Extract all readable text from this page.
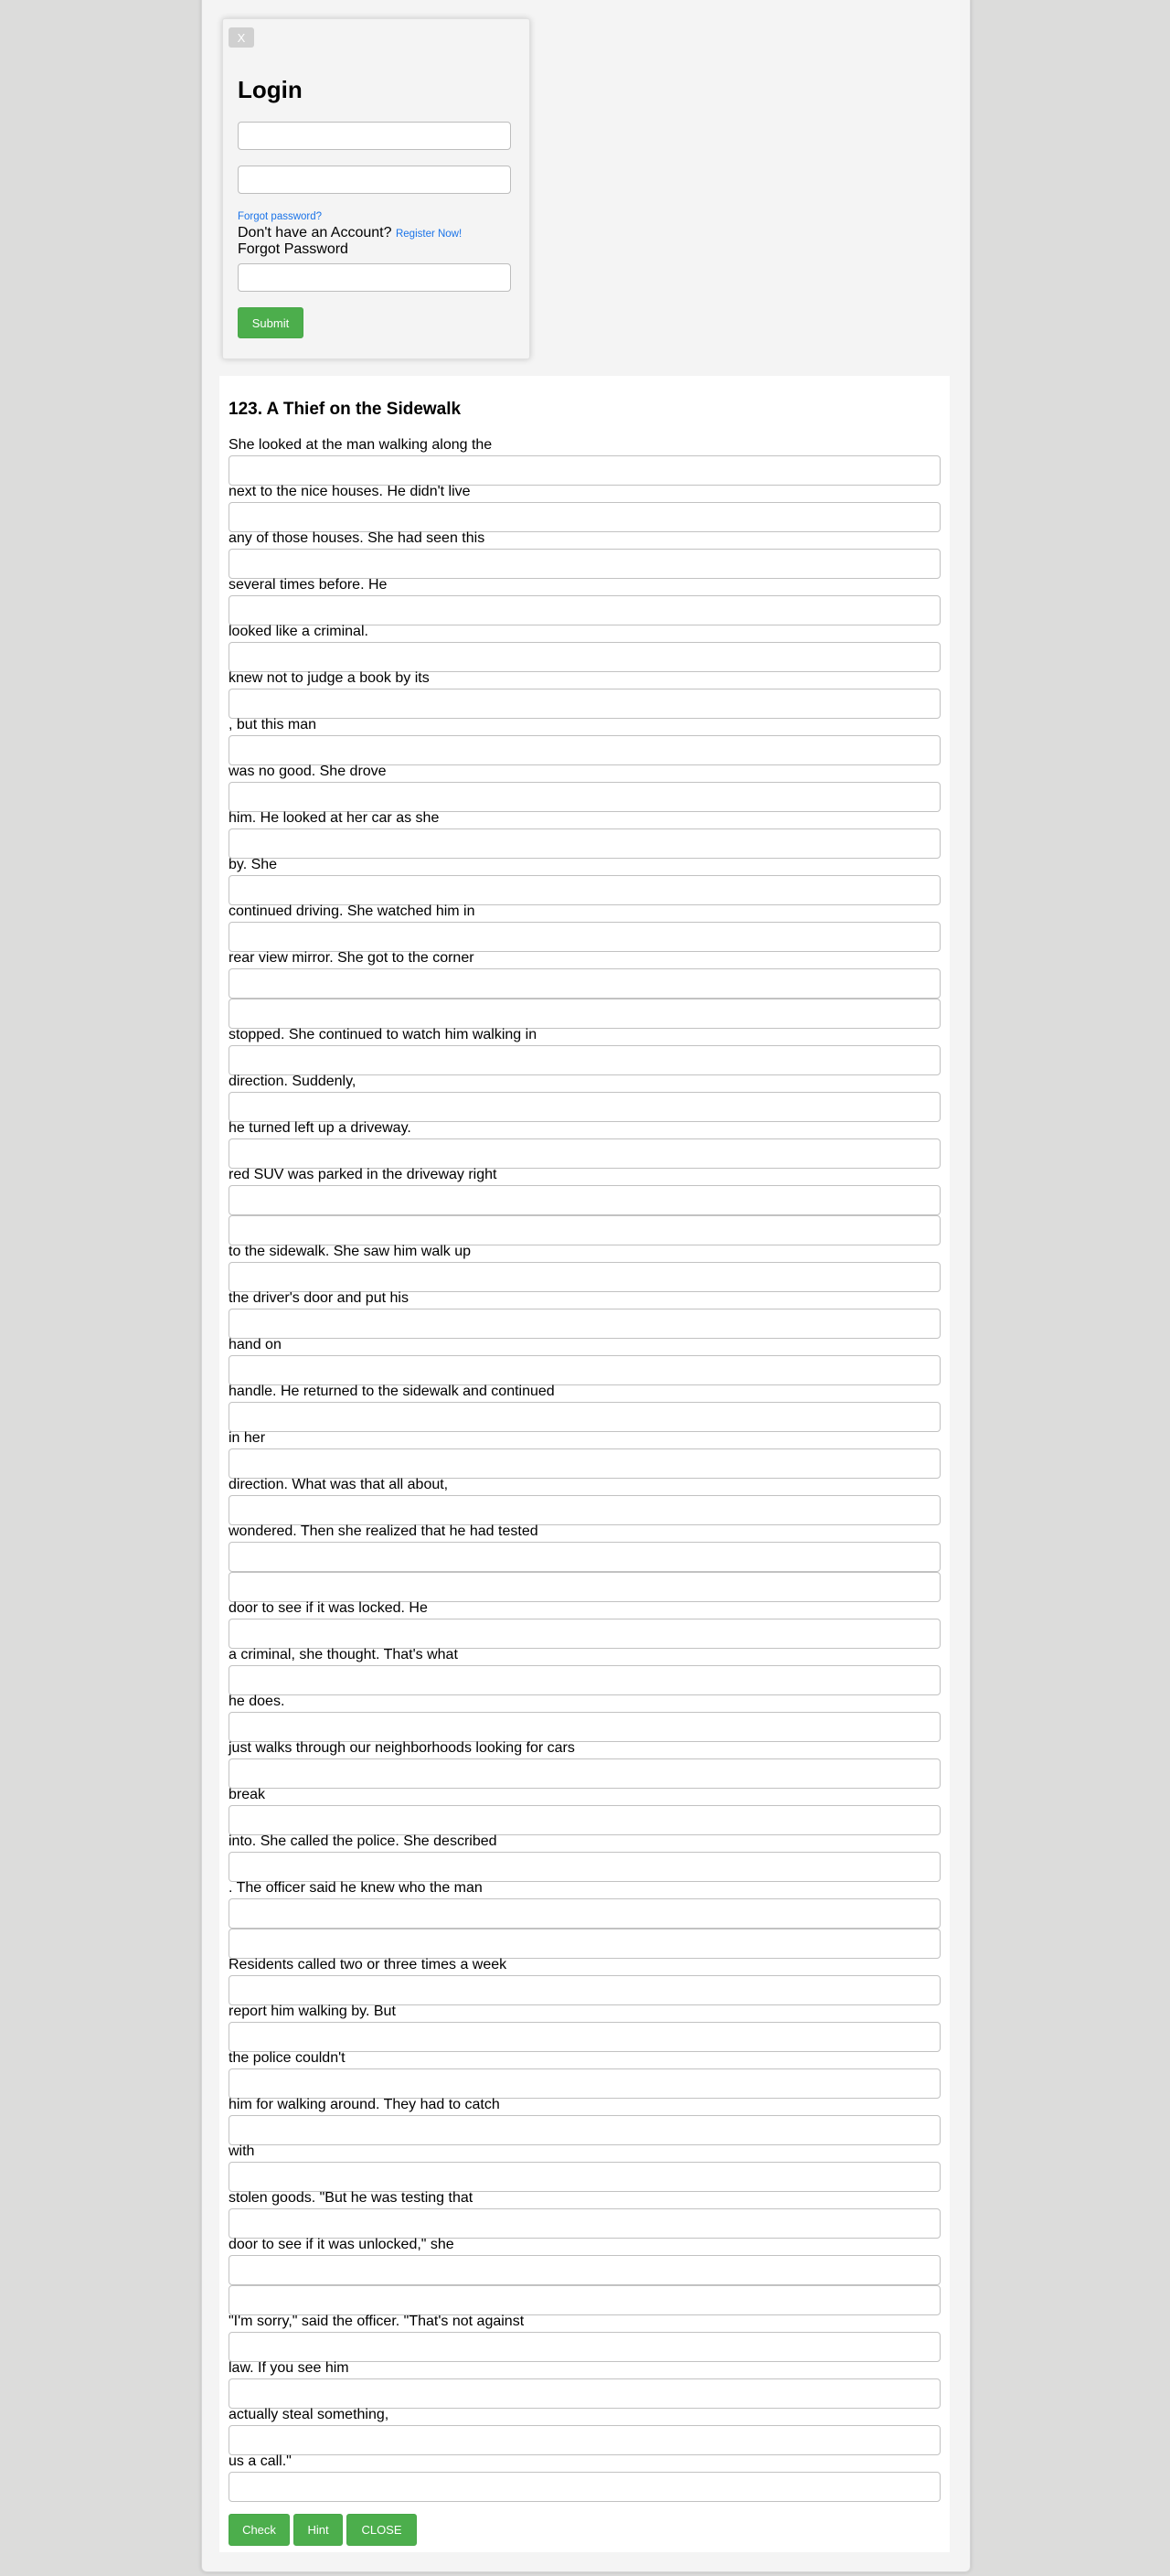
X
Login
Forgot password?
Don't have an Account? Register Now!
Forgot Password
Submit
123. A Thief on the Sidewalk
She looked at the man walking along the
next to the nice houses. He didn't live
any of those houses. She had seen this
several times before. He
looked like a criminal.
knew not to judge a book by its
, but this man
was no good. She drove
him. He looked at her car as she
by. She
continued driving. She watched him in
rear view mirror. She got to the corner
stopped. She continued to watch him walking in
direction. Suddenly,
he turned left up a driveway.
red SUV was parked in the driveway right
to the sidewalk. She saw him walk up
the driver's door and put his
hand on
handle. He returned to the sidewalk and continued
in her
direction. What was that all about,
wondered. Then she realized that he had tested
door to see if it was locked. He
a criminal, she thought. That's what
he does.
just walks through our neighborhoods looking for cars
break
into. She called the police. She described
. The officer said he knew who the man
Residents called two or three times a week
report him walking by. But
the police couldn't
him for walking around. They had to catch
with
stolen goods. "But he was testing that
door to see if it was unlocked," she
"I'm sorry," said the officer. "That's not against
law. If you see him
actually steal something,
us a call."
Check	Hint	CLOSE
